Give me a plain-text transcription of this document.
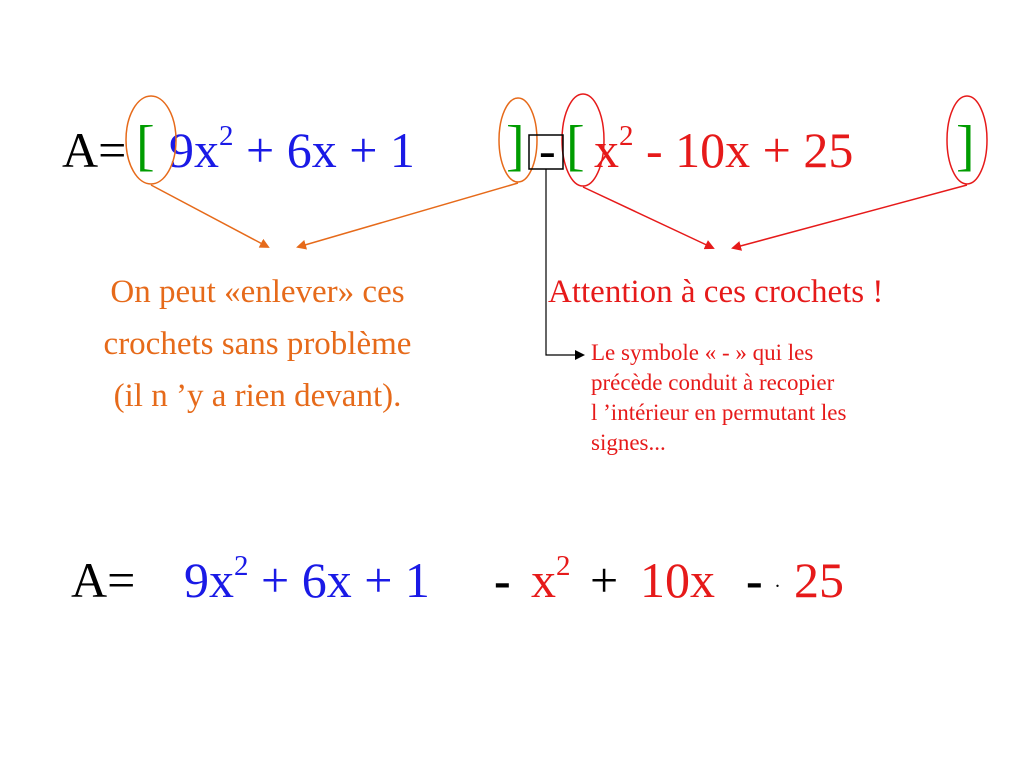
A= [ $9x^2 + 6x + 1$ ] - [ $x^2 - 10x + 25$ ]
On peut «enlever» ces
crochets sans problème
(il n ’y a rien devant).
Attention à ces crochets !
Le symbole « - » qui les
précède conduit à recopier
l ’intérieur en permutant les
signes...
$A= 9x^2 + 6x + 1 - x^2 + 10x$ - . 25
